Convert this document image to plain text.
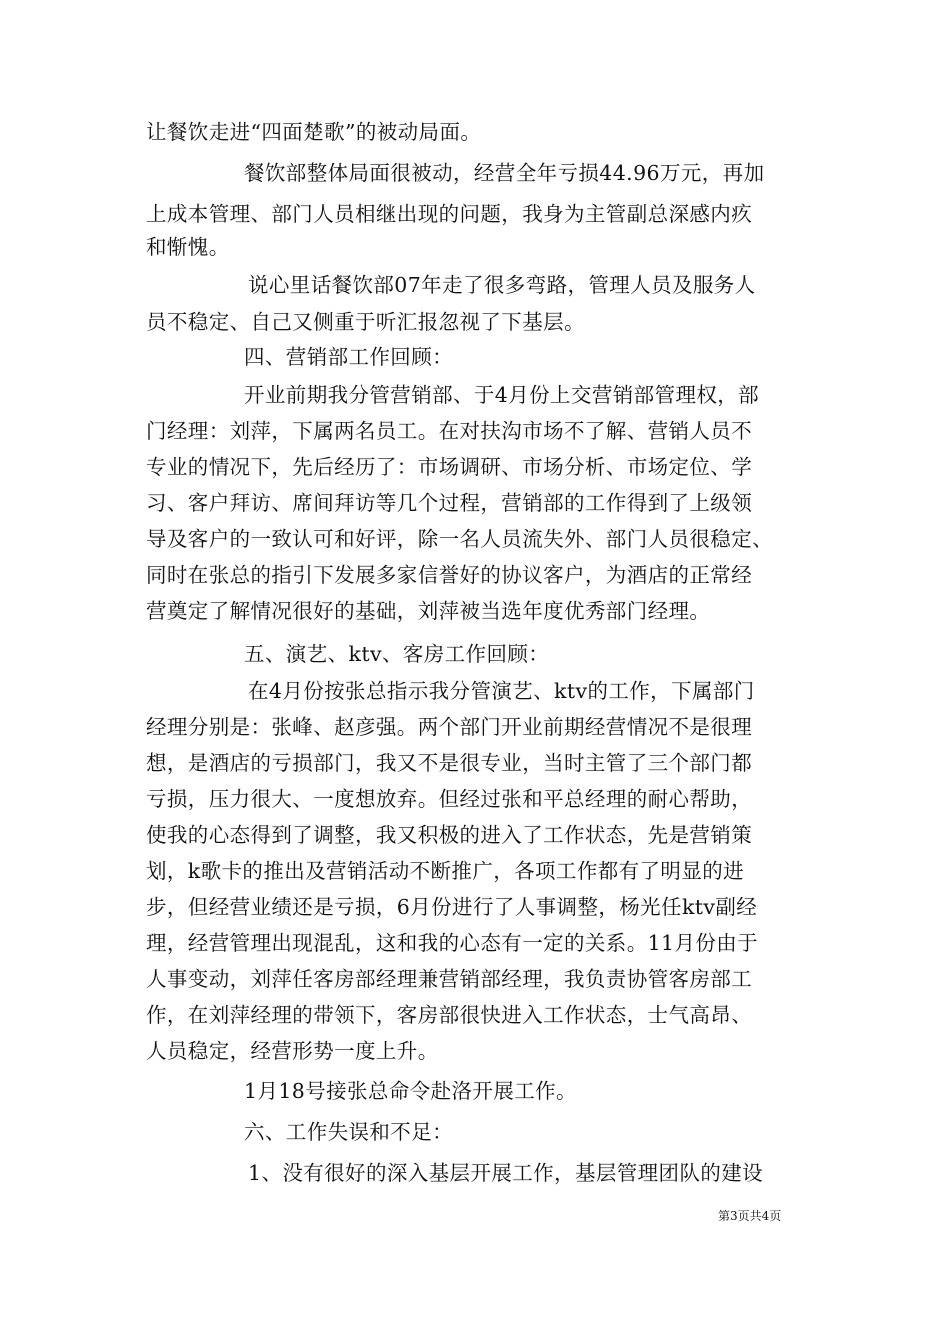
让餐饮走进“四面楚歌”的被动局面。
餐饮部整体局面很被动，经营全年亏损44.96万元，再加
上成本管理、部门人员相继出现的问题，我身为主管副总深感内疚
和惭愧。
说心里话餐饮部07年走了很多弯路，管理人员及服务人
员不稳定、自己又侧重于听汇报忽视了下基层。
四、营销部工作回顾：
开业前期我分管营销部、于4月份上交营销部管理权，部
门经理：刘萍，下属两名员工。在对扶沟市场不了解、营销人员不
专业的情况下，先后经历了：市场调研、市场分析、市场定位、学
习、客户拜访、席间拜访等几个过程，营销部的工作得到了上级领
导及客户的一致认可和好评，除一名人员流失外、部门人员很稳定、
同时在张总的指引下发展多家信誉好的协议客户，为酒店的正常经
营奠定了解情况很好的基础，刘萍被当选年度优秀部门经理。
五、演艺、ktv、客房工作回顾：
在4月份按张总指示我分管演艺、ktv的工作，下属部门
经理分别是：张峰、赵彦强。两个部门开业前期经营情况不是很理
想，是酒店的亏损部门，我又不是很专业，当时主管了三个部门都
亏损，压力很大、一度想放弃。但经过张和平总经理的耐心帮助，
使我的心态得到了调整，我又积极的进入了工作状态，先是营销策
划，k歌卡的推出及营销活动不断推广，各项工作都有了明显的进
步，但经营业绩还是亏损，6月份进行了人事调整，杨光任ktv副经
理，经营管理出现混乱，这和我的心态有一定的关系。11月份由于
人事变动，刘萍任客房部经理兼营销部经理，我负责协管客房部工
作，在刘萍经理的带领下，客房部很快进入工作状态，士气高昂、
人员稳定，经营形势一度上升。
1月18号接张总命令赴洛开展工作。
六、工作失误和不足：
1、没有很好的深入基层开展工作，基层管理团队的建设
第3页共4页
